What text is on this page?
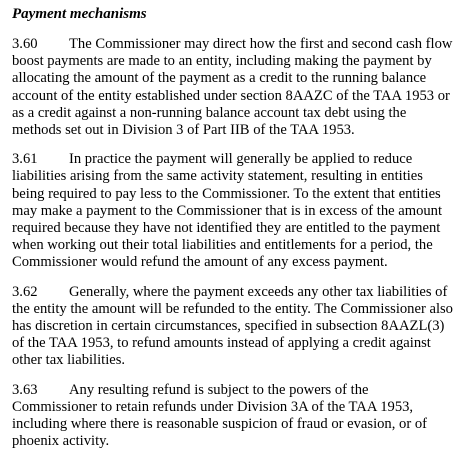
Payment mechanisms

3.60 The Commissioner may direct how the first and second cash flow boost payments are made to an entity, including making the payment by allocating the amount of the payment as a credit to the running balance account of the entity established under section 8AAZC of the TAA 1953 or as a credit against a non-running balance account tax debt using the methods set out in Division 3 of Part IIB of the TAA 1953.

3.61 In practice the payment will generally be applied to reduce liabilities arising from the same activity statement, resulting in entities being required to pay less to the Commissioner. To the extent that entities may make a payment to the Commissioner that is in excess of the amount required because they have not identified they are entitled to the payment when working out their total liabilities and entitlements for a period, the Commissioner would refund the amount of any excess payment.

3.62 Generally, where the payment exceeds any other tax liabilities of the entity the amount will be refunded to the entity. The Commissioner also has discretion in certain circumstances, specified in subsection 8AAZL(3) of the TAA 1953, to refund amounts instead of applying a credit against other tax liabilities.

3.63 Any resulting refund is subject to the powers of the Commissioner to retain refunds under Division 3A of the TAA 1953, including where there is reasonable suspicion of fraud or evasion, or of phoenix activity.
